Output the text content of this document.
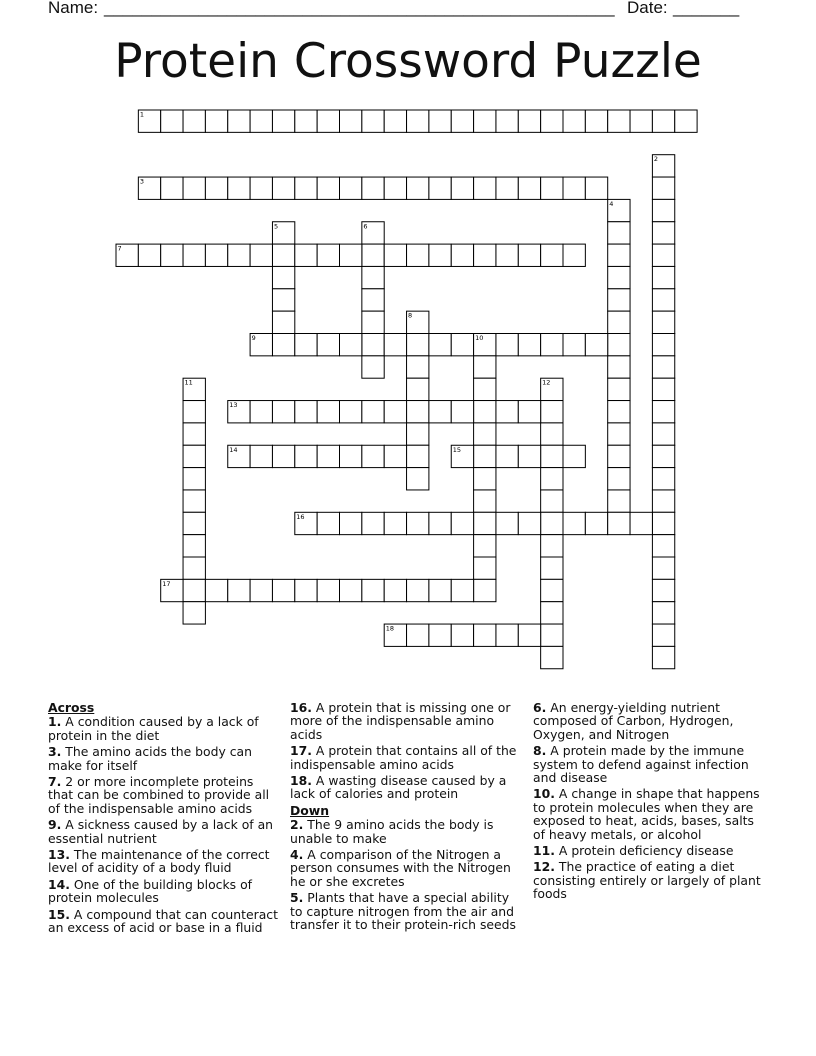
Name: ______________________________________________________ Date: _______
Protein Crossword Puzzle
1
2
3
4
5	6
7
8
9	10
11	12
13
14	15
16
17
18

Across

1. A condition caused by a lack of protein in the diet

3. The amino acids the body can make for itself

7. 2 or more incomplete proteins that can be combined to provide all of the indispensable amino acids

9. A sickness caused by a lack of an essential nutrient

13. The maintenance of the correct level of acidity of a body fluid

14. One of the building blocks of protein molecules

15. A compound that can counteract an excess of acid or base in a fluid

16. A protein that is missing one or more of the indispensable amino acids

17. A protein that contains all of the indispensable amino acids

18. A wasting disease caused by a lack of calories and protein

Down

2. The 9 amino acids the body is unable to make

4. A comparison of the Nitrogen a person consumes with the Nitrogen he or she excretes

5. Plants that have a special ability to capture nitrogen from the air and transfer it to their protein-rich seeds

6. An energy-yielding nutrient composed of Carbon, Hydrogen, Oxygen, and Nitrogen

8. A protein made by the immune system to defend against infection and disease

10. A change in shape that happens to protein molecules when they are exposed to heat, acids, bases, salts of heavy metals, or alcohol

11. A protein deficiency disease

12. The practice of eating a diet consisting entirely or largely of plant foods
